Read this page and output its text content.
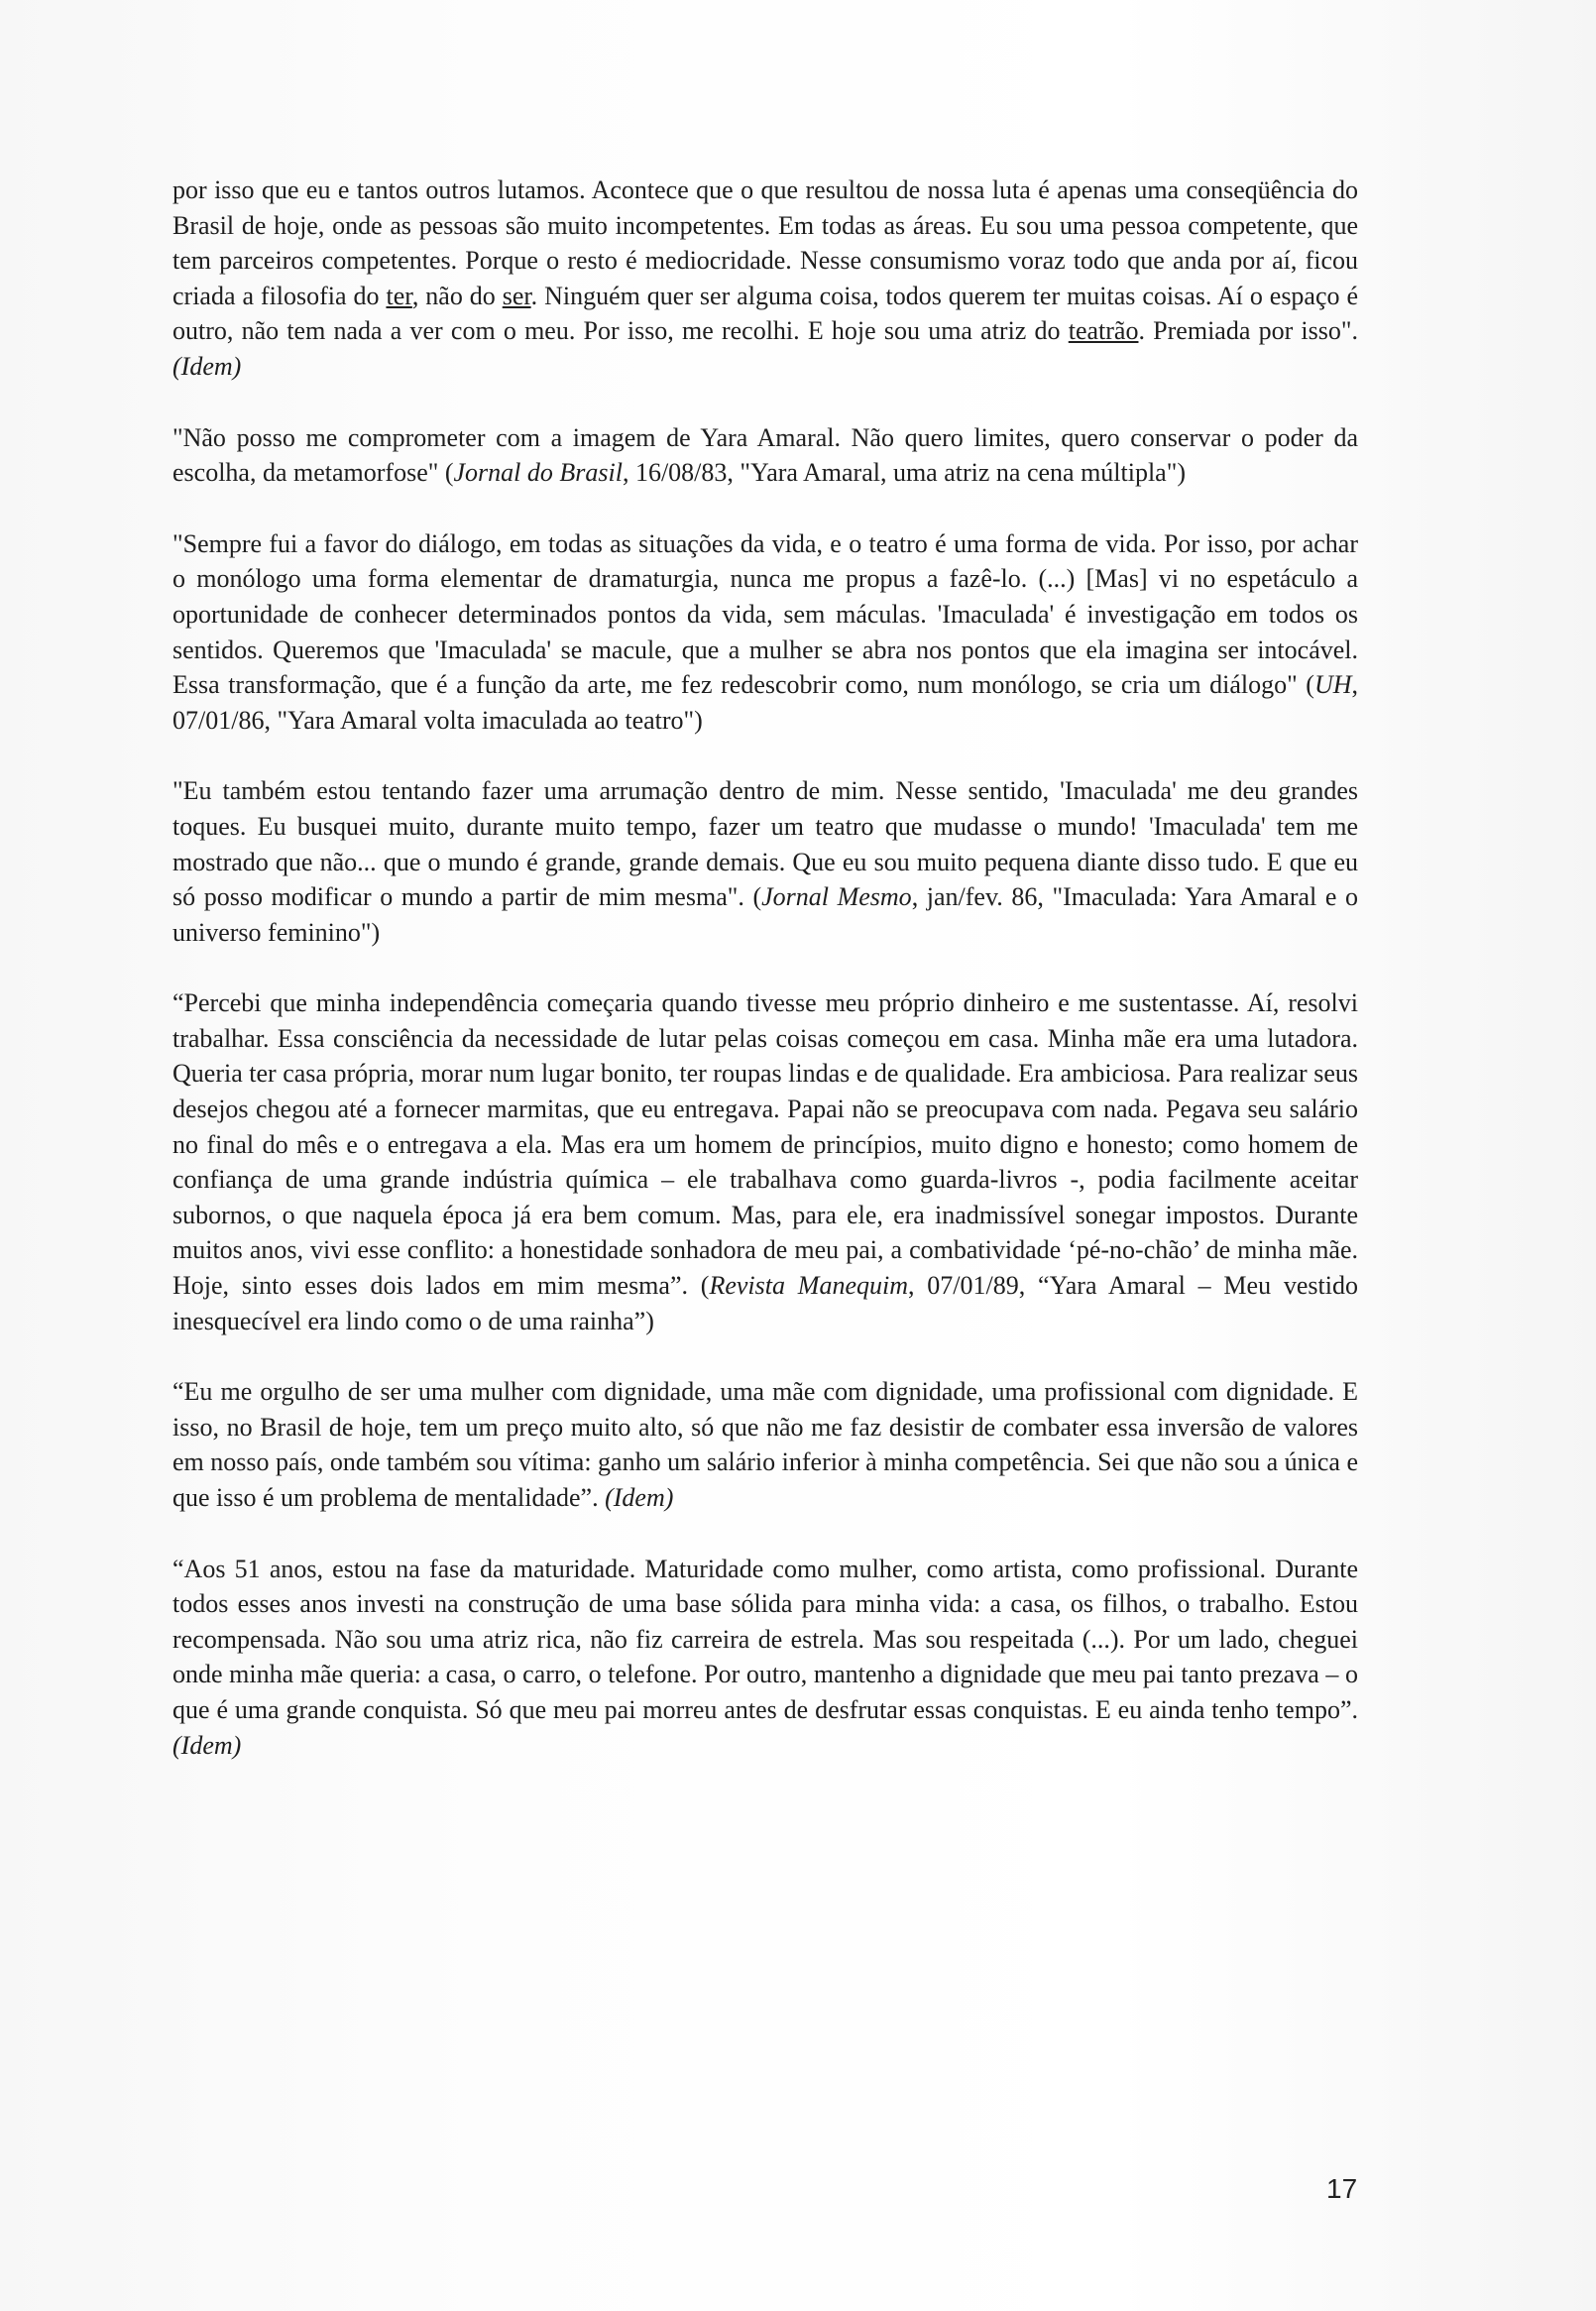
por isso que eu e tantos outros lutamos. Acontece que o que resultou de nossa luta é apenas uma conseqüência do Brasil de hoje, onde as pessoas são muito incompetentes. Em todas as áreas. Eu sou uma pessoa competente, que tem parceiros competentes. Porque o resto é mediocridade. Nesse consumismo voraz todo que anda por aí, ficou criada a filosofia do ter, não do ser. Ninguém quer ser alguma coisa, todos querem ter muitas coisas. Aí o espaço é outro, não tem nada a ver com o meu. Por isso, me recolhi. E hoje sou uma atriz do teatrão. Premiada por isso". (Idem)

"Não posso me comprometer com a imagem de Yara Amaral. Não quero limites, quero conservar o poder da escolha, da metamorfose" (Jornal do Brasil, 16/08/83, "Yara Amaral, uma atriz na cena múltipla")

"Sempre fui a favor do diálogo, em todas as situações da vida, e o teatro é uma forma de vida. Por isso, por achar o monólogo uma forma elementar de dramaturgia, nunca me propus a fazê-lo. (...) [Mas] vi no espetáculo a oportunidade de conhecer determinados pontos da vida, sem máculas. 'Imaculada' é investigação em todos os sentidos. Queremos que 'Imaculada' se macule, que a mulher se abra nos pontos que ela imagina ser intocável. Essa transformação, que é a função da arte, me fez redescobrir como, num monólogo, se cria um diálogo" (UH, 07/01/86, "Yara Amaral volta imaculada ao teatro")

"Eu também estou tentando fazer uma arrumação dentro de mim. Nesse sentido, 'Imaculada' me deu grandes toques. Eu busquei muito, durante muito tempo, fazer um teatro que mudasse o mundo! 'Imaculada' tem me mostrado que não... que o mundo é grande, grande demais. Que eu sou muito pequena diante disso tudo. E que eu só posso modificar o mundo a partir de mim mesma". (Jornal Mesmo, jan/fev. 86, "Imaculada: Yara Amaral e o universo feminino")

“Percebi que minha independência começaria quando tivesse meu próprio dinheiro e me sustentasse. Aí, resolvi trabalhar. Essa consciência da necessidade de lutar pelas coisas começou em casa. Minha mãe era uma lutadora. Queria ter casa própria, morar num lugar bonito, ter roupas lindas e de qualidade. Era ambiciosa. Para realizar seus desejos chegou até a fornecer marmitas, que eu entregava. Papai não se preocupava com nada. Pegava seu salário no final do mês e o entregava a ela. Mas era um homem de princípios, muito digno e honesto; como homem de confiança de uma grande indústria química – ele trabalhava como guarda-livros -, podia facilmente aceitar subornos, o que naquela época já era bem comum. Mas, para ele, era inadmissível sonegar impostos. Durante muitos anos, vivi esse conflito: a honestidade sonhadora de meu pai, a combatividade ‘pé-no-chão’ de minha mãe. Hoje, sinto esses dois lados em mim mesma”. (Revista Manequim, 07/01/89, “Yara Amaral – Meu vestido inesquecível era lindo como o de uma rainha”)

“Eu me orgulho de ser uma mulher com dignidade, uma mãe com dignidade, uma profissional com dignidade. E isso, no Brasil de hoje, tem um preço muito alto, só que não me faz desistir de combater essa inversão de valores em nosso país, onde também sou vítima: ganho um salário inferior à minha competência. Sei que não sou a única e que isso é um problema de mentalidade”. (Idem)

“Aos 51 anos, estou na fase da maturidade. Maturidade como mulher, como artista, como profissional. Durante todos esses anos investi na construção de uma base sólida para minha vida: a casa, os filhos, o trabalho. Estou recompensada. Não sou uma atriz rica, não fiz carreira de estrela. Mas sou respeitada (...). Por um lado, cheguei onde minha mãe queria: a casa, o carro, o telefone. Por outro, mantenho a dignidade que meu pai tanto prezava – o que é uma grande conquista. Só que meu pai morreu antes de desfrutar essas conquistas. E eu ainda tenho tempo”. (Idem)

17
